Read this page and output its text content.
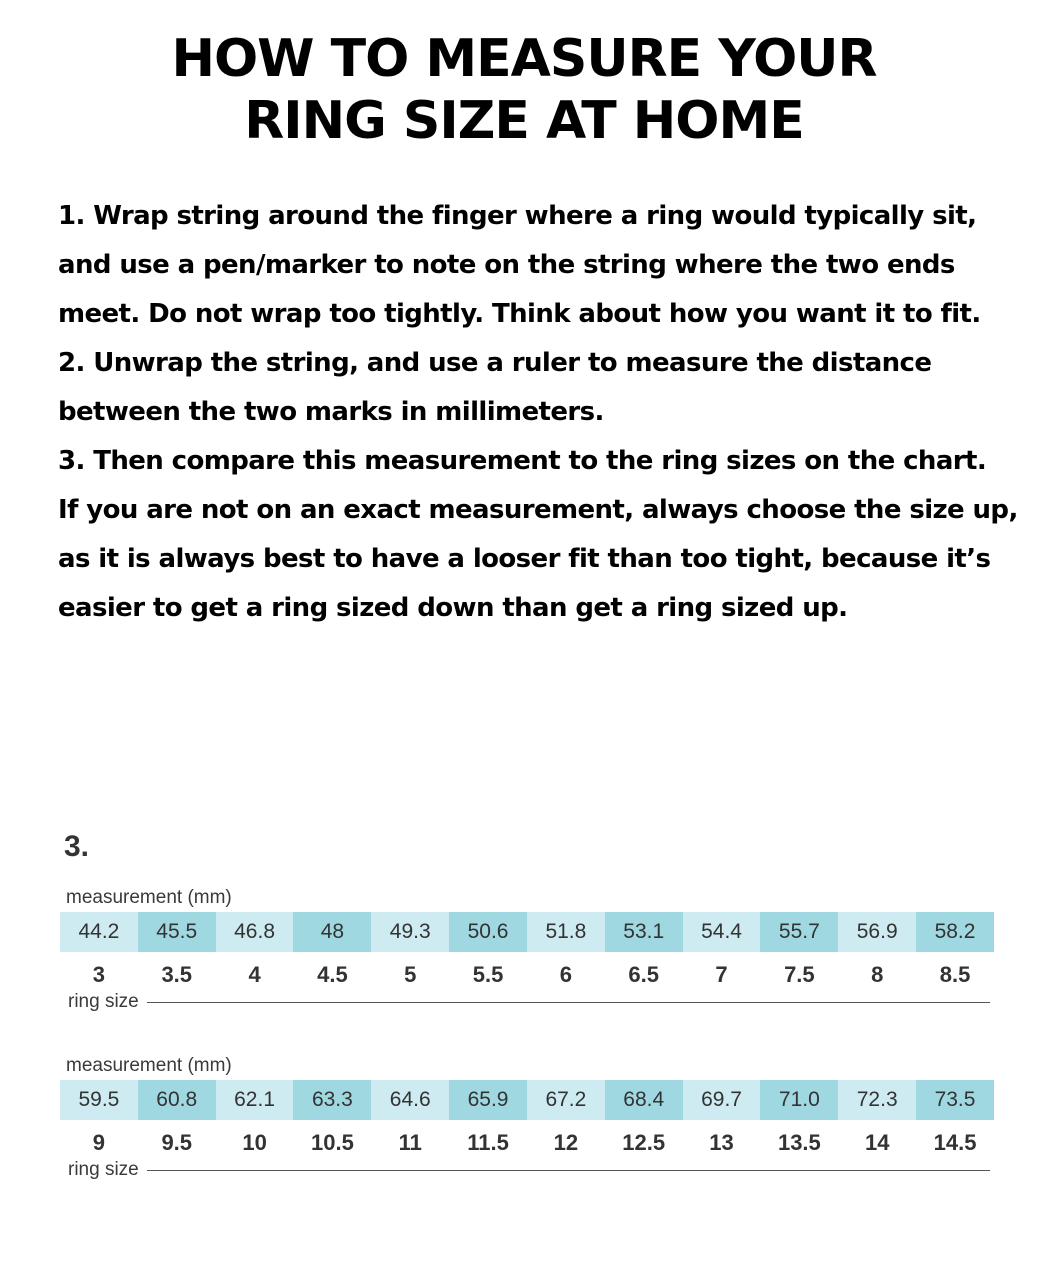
HOW TO MEASURE YOUR
RING SIZE AT HOME

1. Wrap string around the finger where a ring would typically sit, and use a pen/marker to note on the string where the two ends meet. Do not wrap too tightly. Think about how you want it to fit.

2. Unwrap the string, and use a ruler to measure the distance between the two marks in millimeters.

3. Then compare this measurement to the ring sizes on the chart.

If you are not on an exact measurement, always choose the size up, as it is always best to have a looser fit than too tight, because it’s easier to get a ring sized down than get a ring sized up.

3.
measurement (mm)
44.2	45.5	46.8	48	49.3	50.6	51.8	53.1	54.4	55.7	56.9	58.2
3	3.5	4	4.5	5	5.5	6	6.5	7	7.5	8	8.5
ring size
measurement (mm)
59.5	60.8	62.1	63.3	64.6	65.9	67.2	68.4	69.7	71.0	72.3	73.5
9	9.5	10	10.5	11	11.5	12	12.5	13	13.5	14	14.5
ring size
